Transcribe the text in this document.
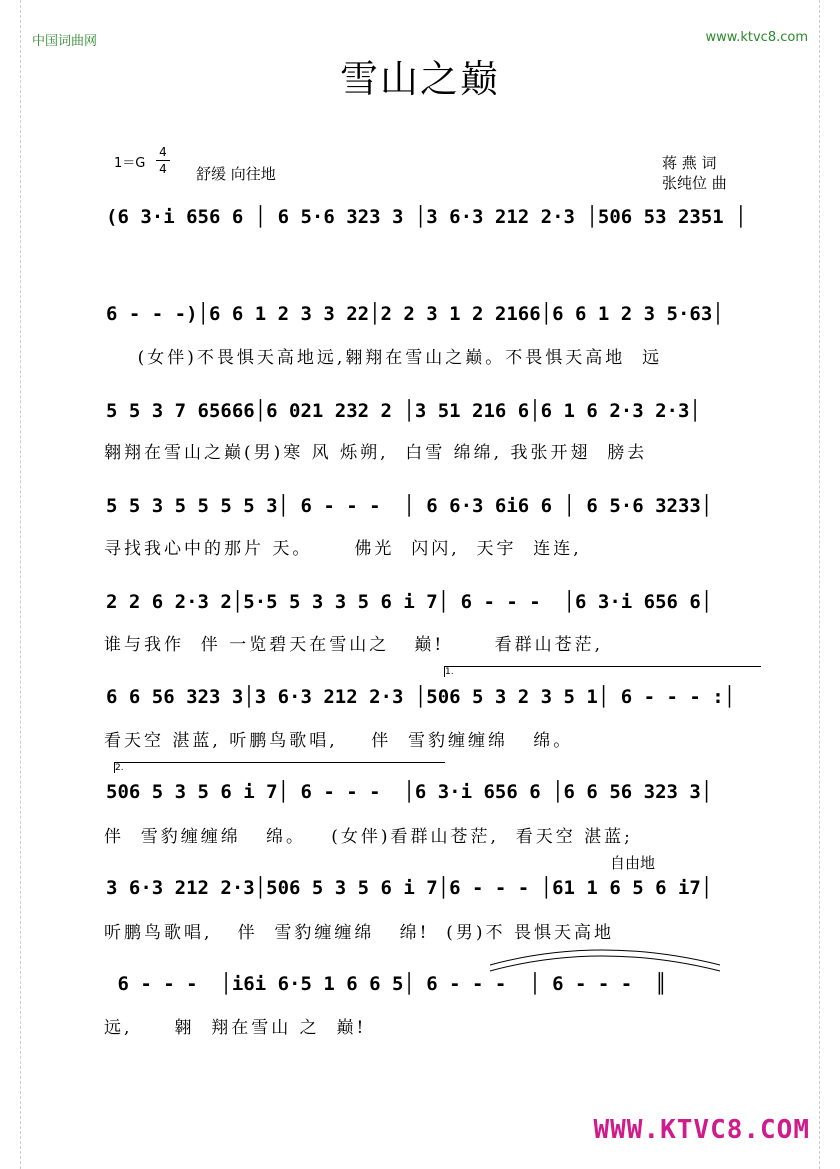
中国词曲网	www.ktvc8.com
雪山之巅
1＝G
4
4 舒缓 向往地
蒋 燕 词
张纯位 曲
(6 3·i 656 6 │ 6 5·6 323 3 │3 6·3 212 2·3 │506 53 2351 │
6 - - -)│6 6 1 2 3 3 22│2 2 3 1 2 2166│6 6 1 2 3 5·63│
(女伴)不畏惧天高地远,翱翔在雪山之巅。不畏惧天高地  远
5 5 3 7 65666│6 021 232 2 │3 51 216 6│6 1 6 2·3 2·3│
翱翔在雪山之巅(男)寒 风 烁朔,  白雪 绵绵, 我张开翅  膀去
5 5 3 5 5 5 5 3│ 6 - - -  │ 6 6·3 6i6 6 │ 6 5·6 3233│
寻找我心中的那片 天。     佛光  闪闪,  天宇  连连,
2 2 6 2·3 2│5·5 5 3 3 5 6 i 7│ 6 - - -  │6 3·i 656 6│
谁与我作  伴 一览碧天在雪山之   巅!      看群山苍茫,
1.
6 6 56 323 3│3 6·3 212 2·3 │506 5 3 2 3 5 1│ 6 - - - :│
看天空 湛蓝, 听鹏鸟歌唱,    伴  雪豹缠缠绵   绵。
2.
506 5 3 5 6 i 7│ 6 - - -  │6 3·i 656 6 │6 6 56 323 3│
伴  雪豹缠缠绵   绵。   (女伴)看群山苍茫,  看天空 湛蓝;
自由地
3 6·3 212 2·3│506 5 3 5 6 i 7│6 - - - │61 1 6 5 6 i7│
听鹏鸟歌唱,   伴  雪豹缠缠绵   绵!  (男)不 畏惧天高地
6 - - -  │i6i 6·5 1 6 6 5│ 6 - - -  │ 6 - - -  ║
远,     翱  翔在雪山 之  巅!
WWW.KTVC8.COM
